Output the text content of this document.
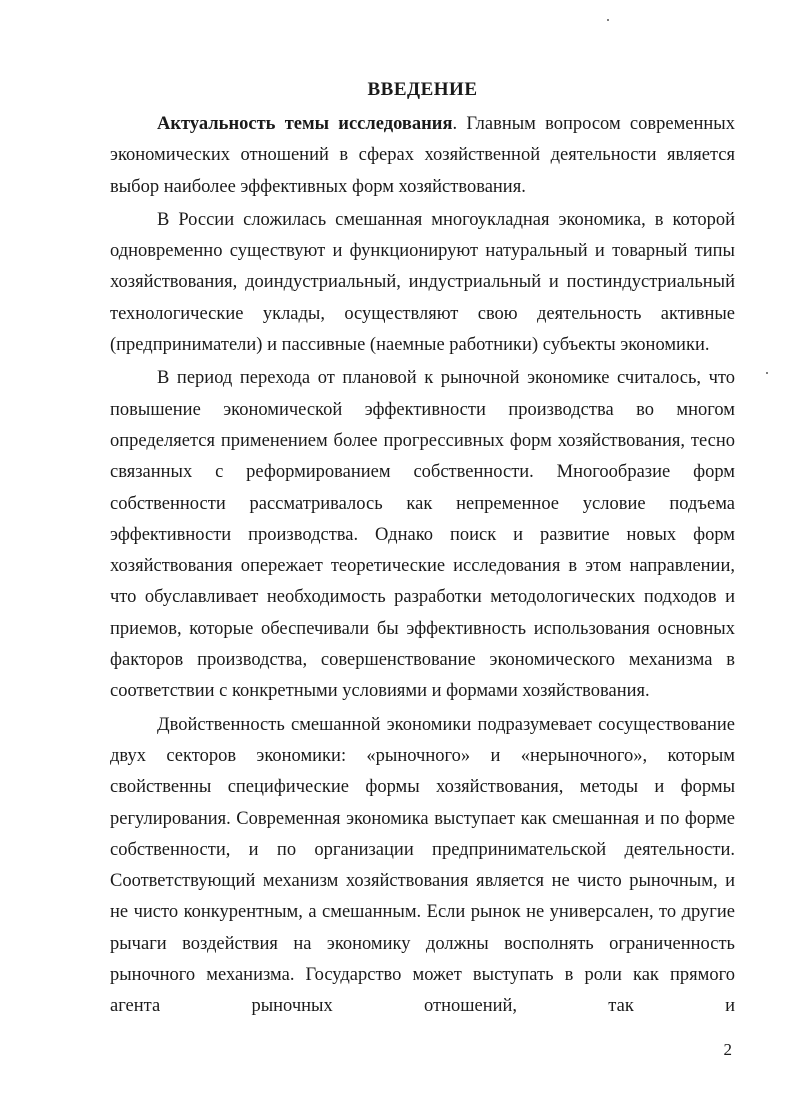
ВВЕДЕНИЕ

Актуальность темы исследования. Главным вопросом современных экономических отношений в сферах хозяйственной деятельности является выбор наиболее эффективных форм хозяйствования.

В России сложилась смешанная многоукладная экономика, в которой одновременно существуют и функционируют натуральный и товарный типы хозяйствования, доиндустриальный, индустриальный и постиндустриальный технологические уклады, осуществляют свою деятельность активные (предприниматели) и пассивные (наемные работники) субъекты экономики.

В период перехода от плановой к рыночной экономике считалось, что повышение экономической эффективности производства во многом определяется применением более прогрессивных форм хозяйствования, тесно связанных с реформированием собственности. Многообразие форм собственности рассматривалось как непременное условие подъема эффективности производства. Однако поиск и развитие новых форм хозяйствования опережает теоретические исследования в этом направлении, что обуславливает необходимость разработки методологических подходов и приемов, которые обеспечивали бы эффективность использования основных факторов производства, совершенствование экономического механизма в соответствии с конкретными условиями и формами хозяйствования.

Двойственность смешанной экономики подразумевает сосуществование двух секторов экономики: «рыночного» и «нерыночного», которым свойственны специфические формы хозяйствования, методы и формы регулирования. Современная экономика выступает как смешанная и по форме собственности, и по организации предпринимательской деятельности. Соответствующий механизм хозяйствования является не чисто рыночным, и не чисто конкурентным, а смешанным. Если рынок не универсален, то другие рычаги воздействия на экономику должны восполнять ограниченность рыночного механизма. Государство может выступать в роли как прямого агента рыночных отношений, так и

2
